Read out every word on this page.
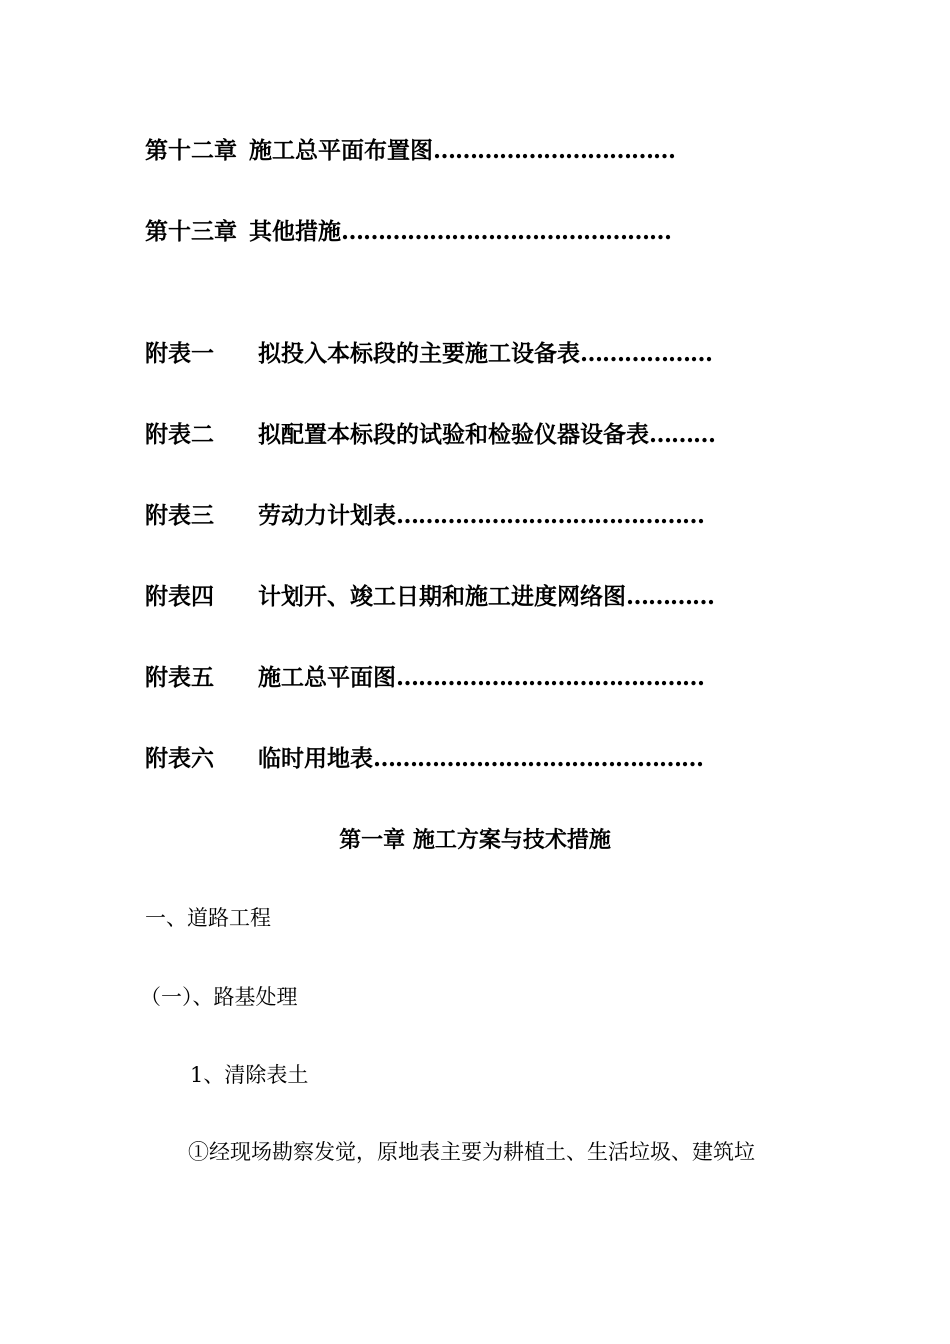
第十二章 施工总平面布置图……………………………
第十三章 其他措施………………………………………
附表一 拟投入本标段的主要施工设备表………………
附表二 拟配置本标段的试验和检验仪器设备表………
附表三 劳动力计划表……………………………………
附表四 计划开、竣工日期和施工进度网络图…………
附表五 施工总平面图……………………………………
附表六 临时用地表………………………………………
第一章 施工方案与技术措施
一、道路工程
（一）、路基处理
1、清除表土
①经现场勘察发觉，原地表主要为耕植土、生活垃圾、建筑垃
